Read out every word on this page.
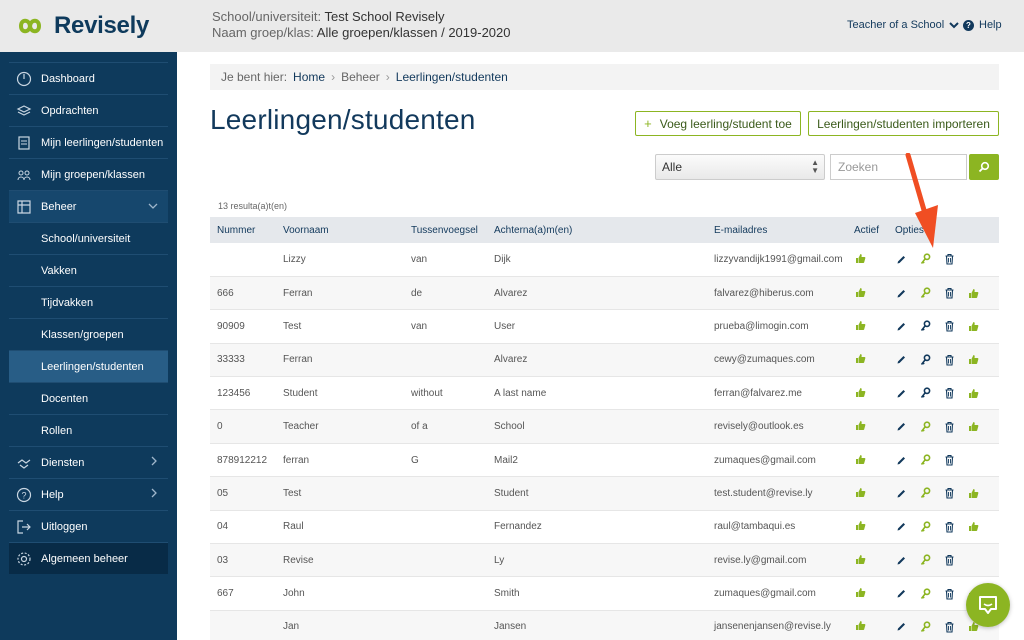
Revisely	School/universiteit: Test School Revisely
Naam groep/klas: Alle groepen/klassen / 2019-2020	Teacher of a School	? Help
Dashboard
Opdrachten
Mijn leerlingen/studenten
Mijn groepen/klassen
Beheer
School/universiteit
Vakken
Tijdvakken
Klassen/groepen
Leerlingen/studenten
Docenten
Rollen
Diensten
? Help
Uitloggen
Algemeen beheer
Je bent hier: Home › Beheer › Leerlingen/studenten
Leerlingen/studenten	+ Voeg leerling/student toe	Leerlingen/studenten importeren
Alle	▲
▼	Zoeken
13 resulta(a)t(en)
Nummer	Voornaam	Tussenvoegsel	Achterna(a)m(en)	E-mailadres	Actief	Opties
	Lizzy	van	Dijk	lizzyvandijk1991@gmail.com	

666	Ferran	de	Alvarez	falvarez@hiberus.com	

90909	Test	van	User	prueba@limogin.com	

33333	Ferran		Alvarez	cewy@zumaques.com	

123456	Student	without	A last name	ferran@falvarez.me	

0	Teacher	of a	School	revisely@outlook.es	

878912212	ferran	G	Mail2	zumaques@gmail.com	

05	Test		Student	test.student@revise.ly	

04	Raul		Fernandez	raul@tambaqui.es	

03	Revise		Ly	revise.ly@gmail.com	

667	John		Smith	zumaques@gmail.com	

	Jan		Jansen	jansenenjansen@revise.ly	
